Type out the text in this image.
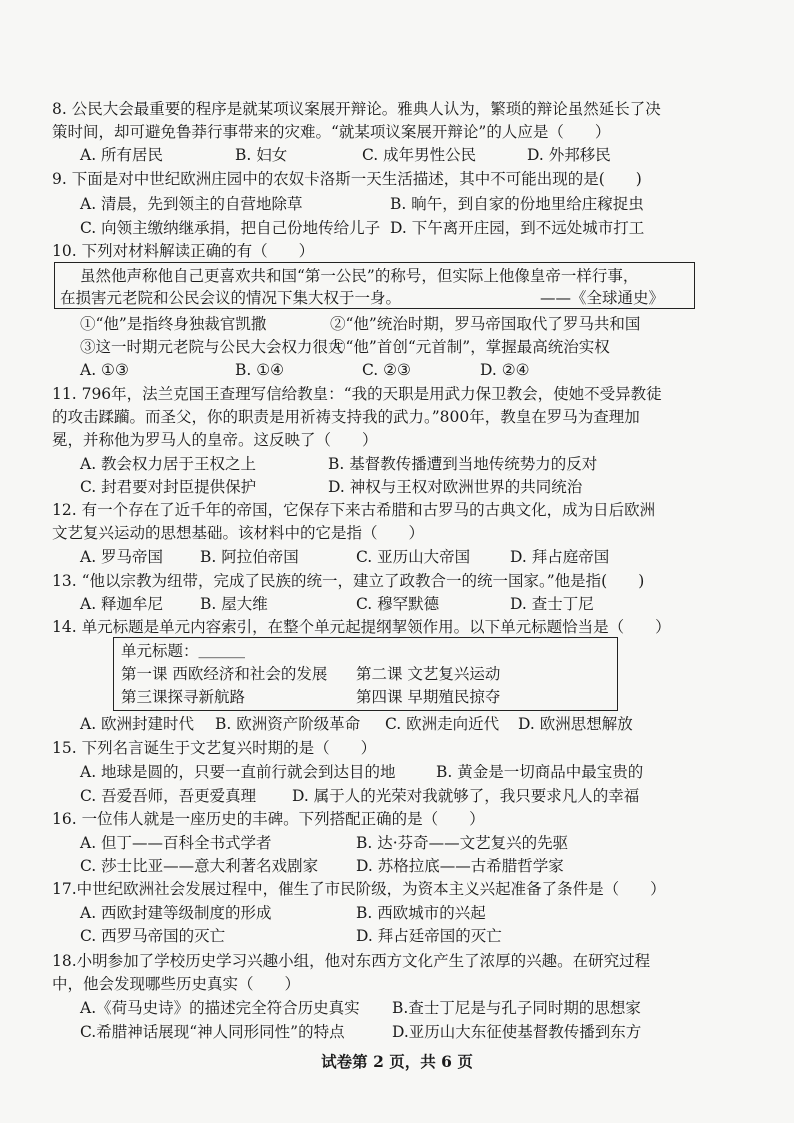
8. 公民大会最重要的程序是就某项议案展开辩论。雅典人认为，繁琐的辩论虽然延长了决
策时间，却可避免鲁莽行事带来的灾难。“就某项议案展开辩论”的人应是（　　）
A. 所有居民	B. 妇女	C. 成年男性公民	D. 外邦移民
9. 下面是对中世纪欧洲庄园中的农奴卡洛斯一天生活描述，其中不可能出现的是(　　)
A. 清晨，先到领主的自营地除草	B. 晌午，到自家的份地里给庄稼捉虫
C. 向领主缴纳继承捐，把自己份地传给儿子 D. 下午离开庄园，到不远处城市打工
10. 下列对材料解读正确的有（　　）
虽然他声称他自己更喜欢共和国“第一公民”的称号，但实际上他像皇帝一样行事，
在损害元老院和公民会议的情况下集大权于一身。	——《全球通史》
①“他”是指终身独裁官凯撒	②“他”统治时期，罗马帝国取代了罗马共和国
③这一时期元老院与公民大会权力很大
④“他”首创“元首制”，掌握最高统治实权
A. ①③	B. ①④	C. ②③	D. ②④
11. 796年，法兰克国王查理写信给教皇：“我的天职是用武力保卫教会，使她不受异教徒
的攻击蹂躏。而圣父，你的职责是用祈祷支持我的武力。”800年，教皇在罗马为查理加
冕，并称他为罗马人的皇帝。这反映了（　　）
A. 教会权力居于王权之上	B. 基督教传播遭到当地传统势力的反对
C. 封君要对封臣提供保护	D. 神权与王权对欧洲世界的共同统治
12. 有一个存在了近千年的帝国，它保存下来古希腊和古罗马的古典文化，成为日后欧洲
文艺复兴运动的思想基础。该材料中的它是指（　　）
A. 罗马帝国 B. 阿拉伯帝国	C. 亚历山大帝国	D. 拜占庭帝国
13. “他以宗教为纽带，完成了民族的统一，建立了政教合一的统一国家。”他是指(　　)
A. 释迦牟尼 B. 屋大维	C. 穆罕默德	D. 查士丁尼
14. 单元标题是单元内容索引，在整个单元起提纲挈领作用。以下单元标题恰当是（　　）
单元标题：＿＿＿
第一课 西欧经济和社会的发展 第二课 文艺复兴运动
第三课探寻新航路	第四课 早期殖民掠夺
A. 欧洲封建时代 B. 欧洲资产阶级革命 C. 欧洲走向近代 D. 欧洲思想解放
15. 下列名言诞生于文艺复兴时期的是（　　）
A. 地球是圆的，只要一直前行就会到达目的地	B. 黄金是一切商品中最宝贵的
C. 吾爱吾师，吾更爱真理 D. 属于人的光荣对我就够了，我只要求凡人的幸福
16. 一位伟人就是一座历史的丰碑。下列搭配正确的是（　　）
A. 但丁——百科全书式学者	B. 达·芬奇——文艺复兴的先驱
C. 莎士比亚——意大利著名戏剧家 D. 苏格拉底——古希腊哲学家
17.中世纪欧洲社会发展过程中，催生了市民阶级，为资本主义兴起准备了条件是（　　）
A. 西欧封建等级制度的形成	B. 西欧城市的兴起
C. 西罗马帝国的灭亡	D. 拜占廷帝国的灭亡
18.小明参加了学校历史学习兴趣小组，他对东西方文化产生了浓厚的兴趣。在研究过程
中，他会发现哪些历史真实（　　）
A.《荷马史诗》的描述完全符合历史真实 B.查士丁尼是与孔子同时期的思想家
C.希腊神话展现“神人同形同性”的特点	D.亚历山大东征使基督教传播到东方
试卷第 2 页，共 6 页
